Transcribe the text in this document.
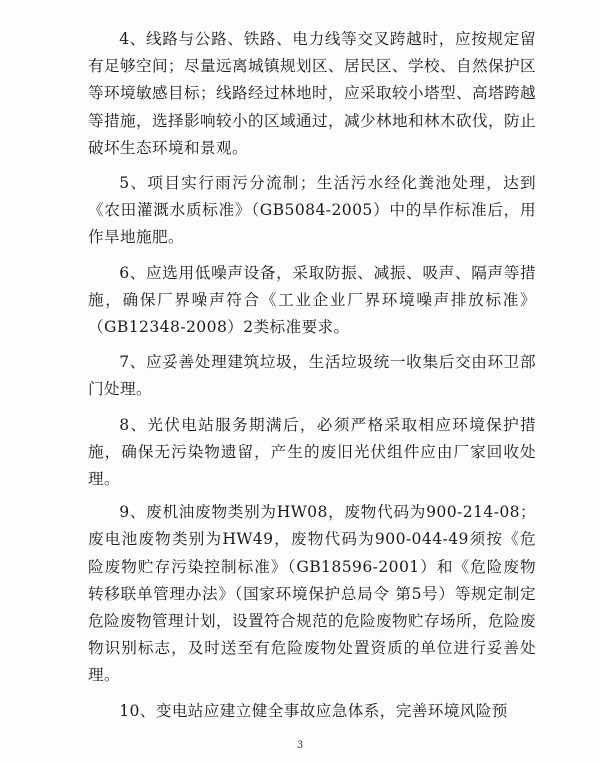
4、线路与公路、铁路、电力线等交叉跨越时，应按规定留有足够空间；尽量远离城镇规划区、居民区、学校、自然保护区等环境敏感目标；线路经过林地时，应采取较小塔型、高塔跨越等措施，选择影响较小的区域通过，减少林地和林木砍伐，防止破坏生态环境和景观。

5、项目实行雨污分流制；生活污水经化粪池处理，达到《农田灌溉水质标准》（GB5084-2005）中的旱作标准后，用作旱地施肥。

6、应选用低噪声设备，采取防振、减振、吸声、隔声等措施，确保厂界噪声符合《工业企业厂界环境噪声排放标准》（GB12348-2008）2类标准要求。

7、应妥善处理建筑垃圾，生活垃圾统一收集后交由环卫部门处理。

8、光伏电站服务期满后，必须严格采取相应环境保护措施，确保无污染物遗留，产生的废旧光伏组件应由厂家回收处理。

9、废机油废物类别为HW08，废物代码为900-214-08；废电池废物类别为HW49，废物代码为900-044-49须按《危险废物贮存污染控制标准》（GB18596-2001）和《危险废物转移联单管理办法》（国家环境保护总局令 第5号）等规定制定危险废物管理计划，设置符合规范的危险废物贮存场所，危险废物识别标志，及时送至有危险废物处置资质的单位进行妥善处理。

10、变电站应建立健全事故应急体系，完善环境风险预

3
